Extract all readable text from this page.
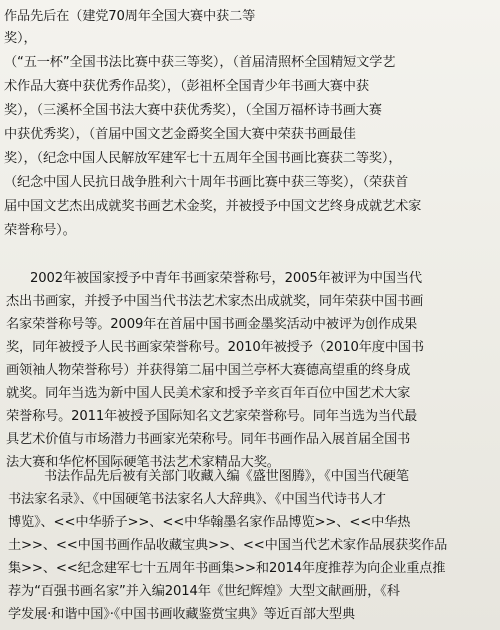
作品先后在（建党70周年全国大赛中获二等
奖），
（“五一杯”全国书法比赛中获三等奖），（首届清照杯全国精短文学艺
术作品大赛中获优秀作品奖），（彭祖杯全国青少年书画大赛中获
奖），（三溪杯全国书法大赛中获优秀奖），（全国万福杯诗书画大赛
中获优秀奖），（首届中国文艺金爵奖全国大赛中荣获书画最佳
奖），（纪念中国人民解放军建军七十五周年全国书画比赛获二等奖），
（纪念中国人民抗日战争胜利六十周年书画比赛中获三等奖），（荣获首
届中国文艺杰出成就奖书画艺术金奖，并被授予中国文艺终身成就艺术家
荣誉称号）。
2002年被国家授予中青年书画家荣誉称号，2005年被评为中国当代
杰出书画家，并授予中国当代书法艺术家杰出成就奖，同年荣获中国书画
名家荣誉称号等。2009年在首届中国书画金墨奖活动中被评为创作成果
奖，同年被授予人民书画家荣誉称号。2010年被授予（2010年度中国书
画领袖人物荣誉称号）并获得第二届中国兰亭杯大赛德高望重的终身成
就奖。同年当选为新中国人民美术家和授予辛亥百年百位中国艺术大家
荣誉称号。2011年被授予国际知名文艺家荣誉称号。同年当选为当代最
具艺术价值与市场潜力书画家光荣称号。同年书画作品入展首届全国书
法大赛和华佗杯国际硬笔书法艺术家精品大奖。
书法作品先后被有关部门收藏入编《盛世图腾》，《中国当代硬笔
书法家名录》、《中国硬笔书法家名人大辞典》、《中国当代诗书人才
博览》、<<中华骄子>>、<<中华翰墨名家作品博览>>、<<中华热
土>>、<<中国书画作品收藏宝典>>、<<中国当代艺术家作品展获奖作品
集>>、<<纪念建军七十五周年书画集>>和2014年度推荐为向企业重点推
荐为“百强书画名家”并入编2014年《世纪辉煌》大型文献画册，《科
学发展·和谐中国》·《中国书画收藏鉴赏宝典》等近百部大型典
